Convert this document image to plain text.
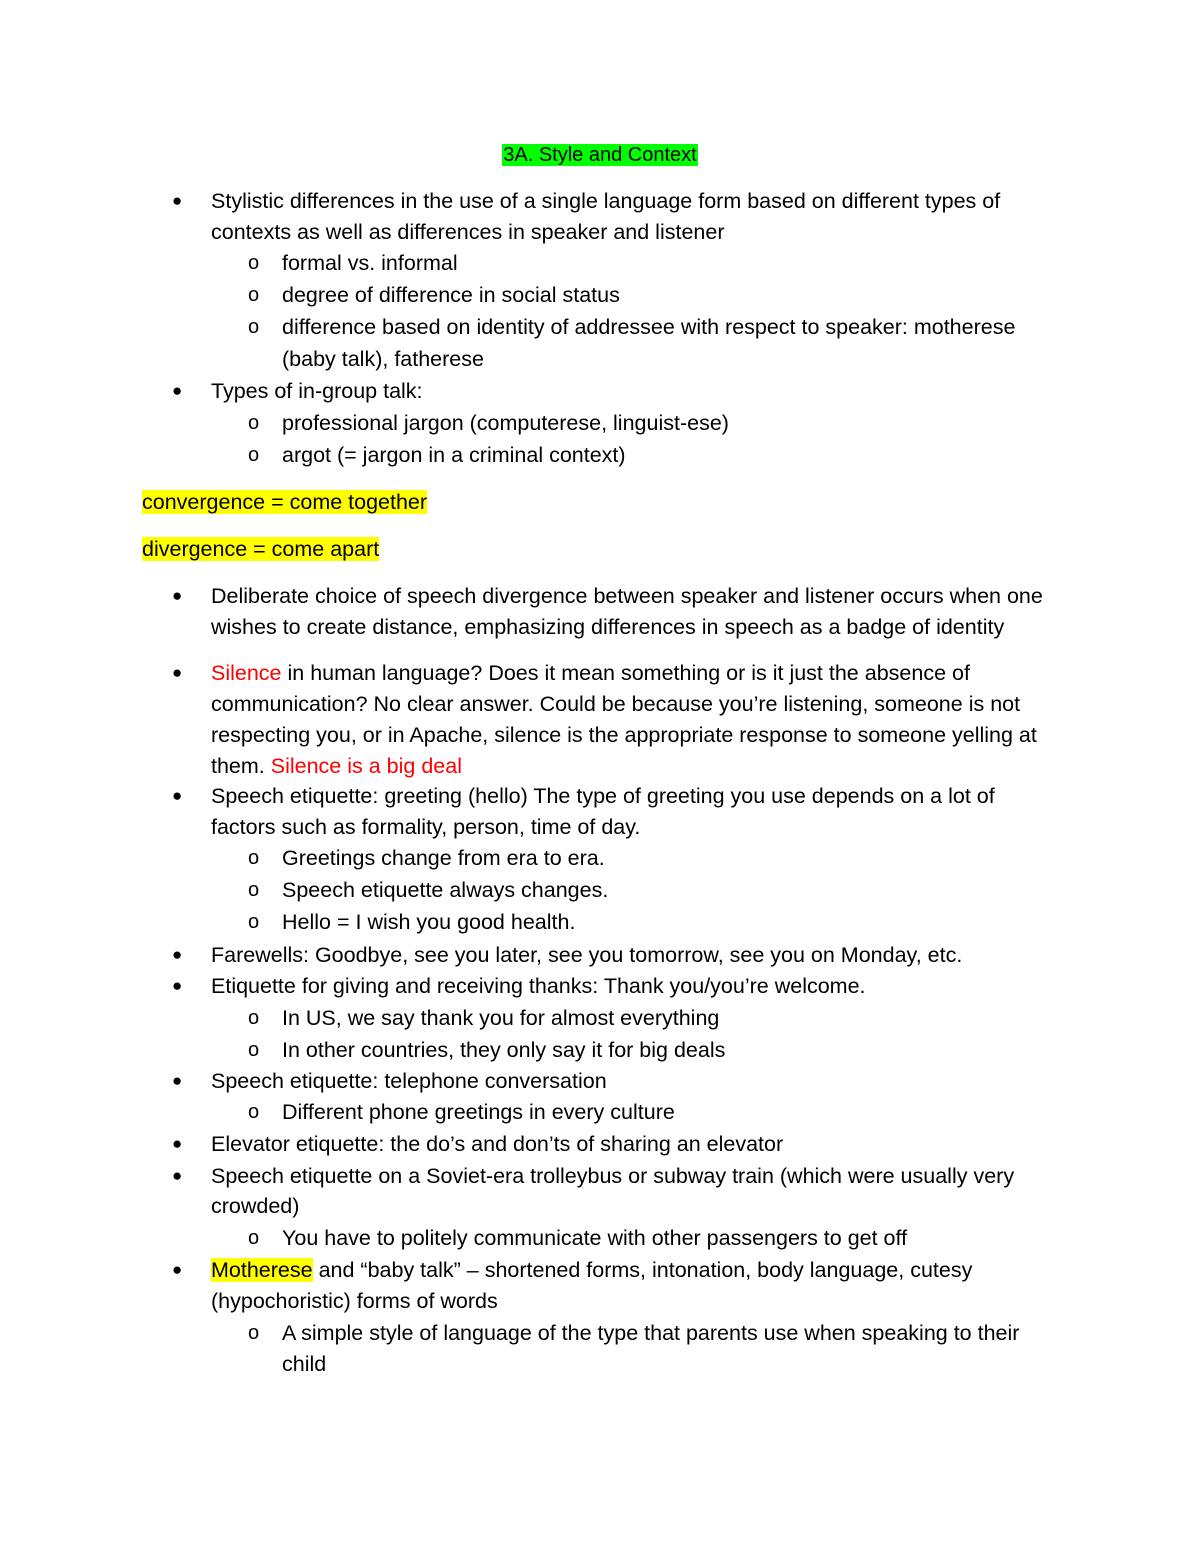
3A. Style and Context
● Stylistic differences in the use of a single language form based on different types of
contexts as well as differences in speaker and listener
o formal vs. informal
o degree of difference in social status
o difference based on identity of addressee with respect to speaker: motherese
(baby talk), fatherese
● Types of in-group talk:
o professional jargon (computerese, linguist-ese)
o argot (= jargon in a criminal context)
convergence = come together
divergence = come apart
● Deliberate choice of speech divergence between speaker and listener occurs when one
wishes to create distance, emphasizing differences in speech as a badge of identity
● Silence in human language? Does it mean something or is it just the absence of
communication? No clear answer. Could be because you’re listening, someone is not
respecting you, or in Apache, silence is the appropriate response to someone yelling at
them. Silence is a big deal
● Speech etiquette: greeting (hello) The type of greeting you use depends on a lot of
factors such as formality, person, time of day.
o Greetings change from era to era.
o Speech etiquette always changes.
o Hello = I wish you good health.
● Farewells: Goodbye, see you later, see you tomorrow, see you on Monday, etc.
● Etiquette for giving and receiving thanks: Thank you/you’re welcome.
o In US, we say thank you for almost everything
o In other countries, they only say it for big deals
● Speech etiquette: telephone conversation
o Different phone greetings in every culture
● Elevator etiquette: the do’s and don’ts of sharing an elevator
● Speech etiquette on a Soviet-era trolleybus or subway train (which were usually very
crowded)
o You have to politely communicate with other passengers to get off
● Motherese and “baby talk” – shortened forms, intonation, body language, cutesy
(hypochoristic) forms of words
o A simple style of language of the type that parents use when speaking to their
child
